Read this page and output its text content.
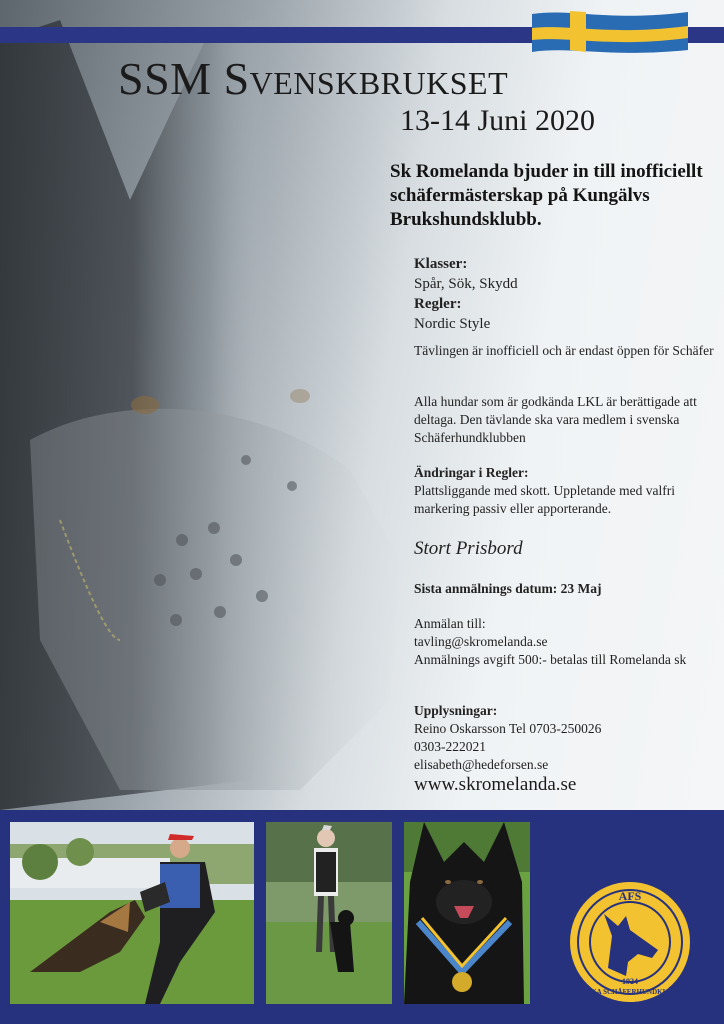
SSM Svenskbrukset
13-14 Juni 2020
Sk Romelanda bjuder in till inofficiellt schäfermästerskap på Kungälvs Brukshundsklubb.
Klasser:
Spår, Sök, Skydd
Regler:
Nordic Style
Tävlingen är inofficiell och är endast öppen för Schäfer
Alla hundar som är godkända LKL är berättigade att deltaga. Den tävlande ska vara medlem i svenska Schäferhundklubben
Ändringar i Regler:
Plattsliggande med skott. Uppletande med valfri markering passiv eller apporterande.
Stort Prisbord
Sista anmälnings datum: 23 Maj
Anmälan till:
tavling@skromelanda.se
Anmälnings avgift 500:- betalas till Romelanda sk
Upplysningar:
Reino Oskarsson Tel 0703-250026
0303-222021
elisabeth@hedeforsen.se
www.skromelanda.se
AFS
SVENSKA SCHÄFERHUNDKLUBBEN
1924
